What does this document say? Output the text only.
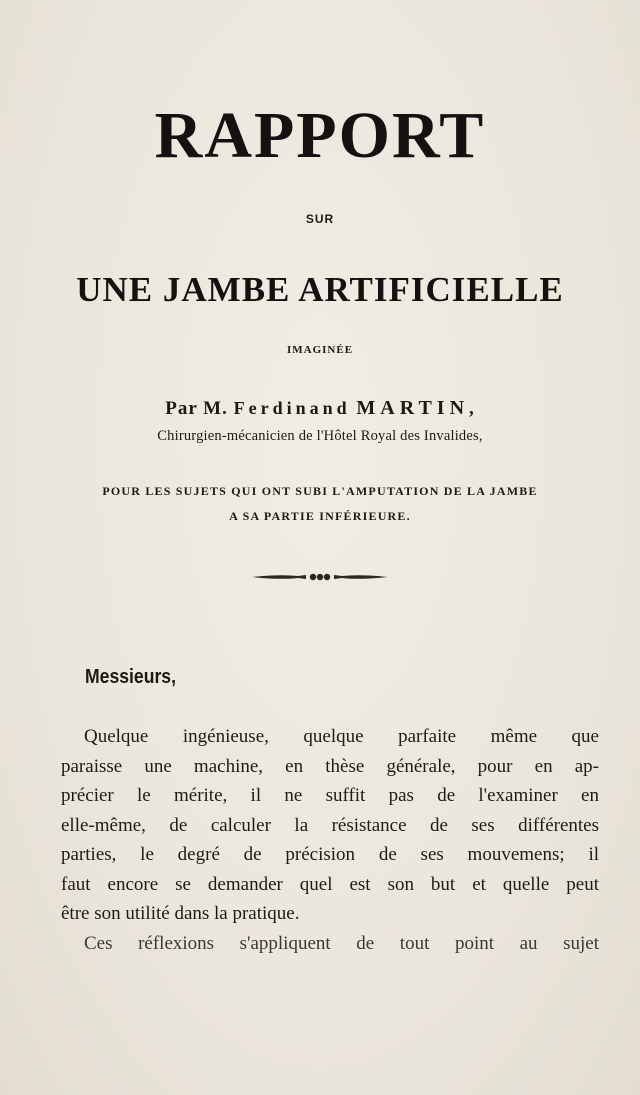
RAPPORT
SUR
UNE JAMBE ARTIFICIELLE
IMAGINÉE
Par M. Ferdinand MARTIN,
Chirurgien-mécanicien de l'Hôtel Royal des Invalides,
POUR LES SUJETS QUI ONT SUBI L'AMPUTATION DE LA JAMBE
A SA PARTIE INFÉRIEURE.
Messieurs,
Quelque ingénieuse, quelque parfaite même que
paraisse une machine, en thèse générale, pour en ap-
précier le mérite, il ne suffit pas de l'examiner en
elle-même, de calculer la résistance de ses différentes
parties, le degré de précision de ses mouvemens; il
faut encore se demander quel est son but et quelle peut
être son utilité dans la pratique.
Ces réflexions s'appliquent de tout point au sujet
